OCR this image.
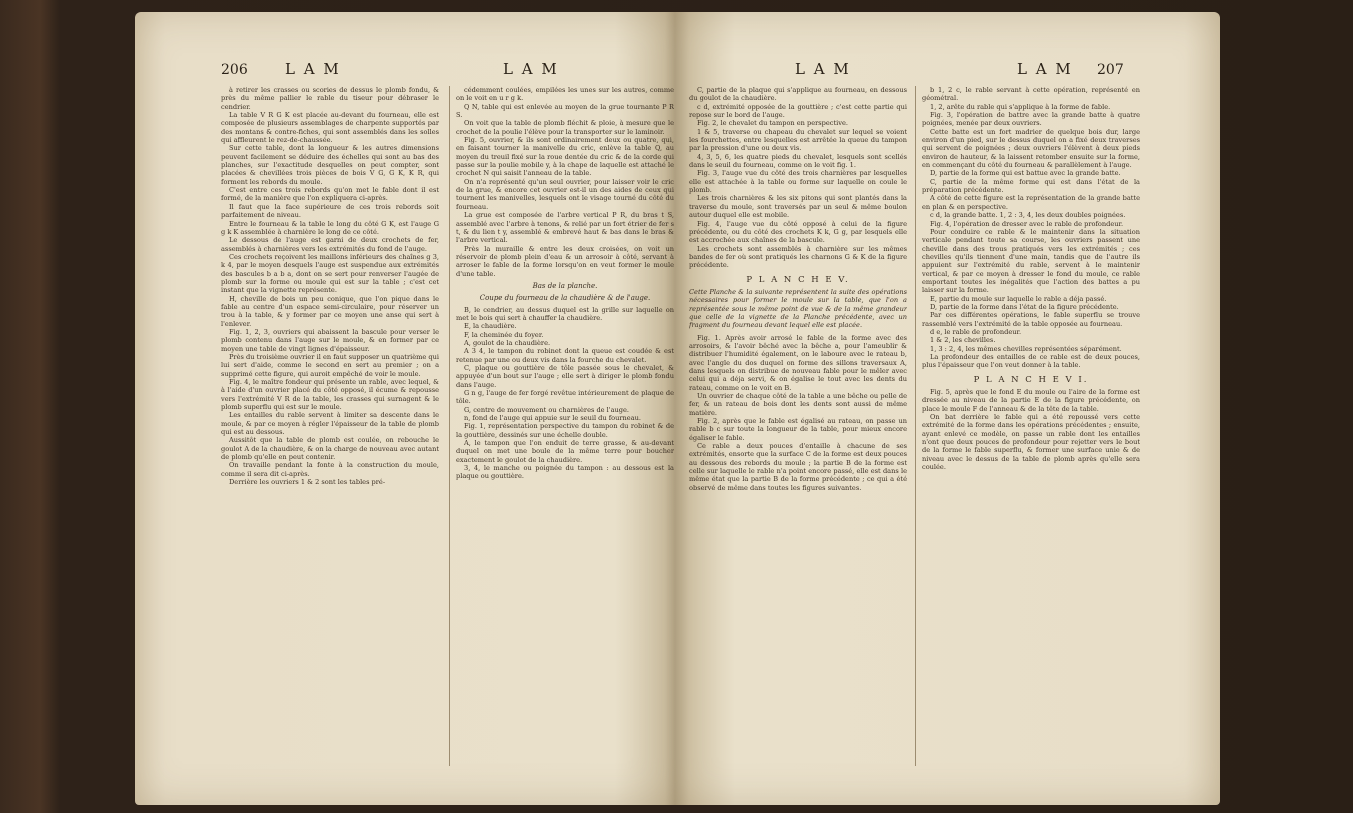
206 L A M	L A M

à retirer les crasses ou scories de dessus le plomb fondu, & près du même pallier le rable du tiseur pour débraser le cendrier.

La table V R G K est placée au-devant du fourneau, elle est composée de plusieurs assemblages de charpente supportés par des montans & contre-fiches, qui sont assemblés dans les solles qui affleurent le rez-de-chaussée.

Sur cette table, dont la longueur & les autres dimensions peuvent facilement se déduire des échelles qui sont au bas des planches, sur l'exactitude desquelles on peut compter, sont placées & chevillées trois pièces de bois V G, G K, K R, qui forment les rebords du moule.

C'est entre ces trois rebords qu'on met le fable dont il est formé, de la manière que l'on expliquera ci-après.

Il faut que la face supérieure de ces trois rebords soit parfaitement de niveau.

Entre le fourneau & la table le long du côté G K, est l'auge G g k K assemblée à charnière le long de ce côté.

Le dessous de l'auge est garni de deux crochets de fer, assemblés à charnières vers les extrémités du fond de l'auge.

Ces crochets reçoivent les maillons inférieurs des chaînes g 3, k 4, par le moyen desquels l'auge est suspendue aux extrémités des bascules b a b a, dont on se sert pour renverser l'augée de plomb sur la forme ou moule qui est sur la table ; c'est cet instant que la vignette représente.

H, cheville de bois un peu conique, que l'on pique dans le fable au centre d'un espace semi-circulaire, pour réserver un trou à la table, & y former par ce moyen une anse qui sert à l'enlever.

Fig. 1, 2, 3, ouvriers qui abaissent la bascule pour verser le plomb contenu dans l'auge sur le moule, & en former par ce moyen une table de vingt lignes d'épaisseur.

Près du troisième ouvrier il en faut supposer un quatrième qui lui sert d'aide, comme le second en sert au premier ; on a supprimé cette figure, qui auroit empêché de voir le moule.

Fig. 4, le maître fondeur qui présente un rable, avec lequel, & à l'aide d'un ouvrier placé du côté opposé, il écume & repousse vers l'extrémité V R de la table, les crasses qui surnagent & le plomb superflu qui est sur le moule.

Les entailles du rable servent à limiter sa descente dans le moule, & par ce moyen à régler l'épaisseur de la table de plomb qui est au dessous.

Aussitôt que la table de plomb est coulée, on rebouche le goulot A de la chaudière, & on la charge de nouveau avec autant de plomb qu'elle en peut contenir.

On travaille pendant la fonte à la construction du moule, comme il sera dit ci-après.

Derrière les ouvriers 1 & 2 sont les tables pré-

cédemment coulées, empilées les unes sur les autres, comme on le voit en u r g k.

Q N, table qui est enlevée au moyen de la grue tournante P R S.

On voit que la table de plomb fléchit & ploie, à mesure que le crochet de la poulie l'élève pour la transporter sur le laminoir.

Fig. 5, ouvrier, & ils sont ordinairement deux ou quatre, qui, en faisant tourner la manivelle du cric, enlève la table Q, au moyen du treuil fixé sur la roue dentée du cric & de la corde qui passe sur la poulie mobile y, à la chape de laquelle est attaché le crochet N qui saisit l'anneau de la table.

On n'a représenté qu'un seul ouvrier, pour laisser voir le cric de la grue, & encore cet ouvrier est-il un des aides de ceux qui tournent les manivelles, lesquels ont le visage tourné du côté du fourneau.

La grue est composée de l'arbre vertical P R, du bras t S, assemblé avec l'arbre à tenons, & relié par un fort étrier de fer s t, & du lien t y, assemblé & embrevé haut & bas dans le bras & l'arbre vertical.

Près la muraille & entre les deux croisées, on voit un réservoir de plomb plein d'eau & un arrosoir à côté, servant à arroser le fable de la forme lorsqu'on en veut former le moule d'une table.

Bas de la planche.

Coupe du fourneau de la chaudière & de l'auge.

B, le cendrier, au dessus duquel est la grille sur laquelle on met le bois qui sert à chauffer la chaudière.

E, la chaudière.

F, la cheminée du foyer.

A, goulot de la chaudière.

A 3 4, le tampon du robinet dont la queue est coudée & est retenue par une ou deux vis dans la fourche du chevalet.

C, plaque ou gouttière de tôle passée sous le chevalet, & appuyée d'un bout sur l'auge ; elle sert à diriger le plomb fondu dans l'auge.

G n g, l'auge de fer forgé revêtue intérieurement de plaque de tôle.

G, centre de mouvement ou charnières de l'auge.

n, fond de l'auge qui appuie sur le seuil du fourneau.

Fig. 1, représentation perspective du tampon du robinet & de la gouttière, dessinés sur une échelle double.

A, le tampon que l'on enduit de terre grasse, & au-devant duquel on met une boule de la même terre pour boucher exactement le goulot de la chaudière.

3, 4, le manche ou poignée du tampon : au dessous est la plaque ou gouttière.

L A M	L A M 207

C, partie de la plaque qui s'applique au fourneau, en dessous du goulot de la chaudière.

c d, extrémité opposée de la gouttière ; c'est cette partie qui repose sur le bord de l'auge.

Fig. 2, le chevalet du tampon en perspective.

1 & 5, traverse ou chapeau du chevalet sur lequel se voient les fourchettes, entre lesquelles est arrêtée la queue du tampon par la pression d'une ou deux vis.

4, 3, 5, 6, les quatre pieds du chevalet, lesquels sont scellés dans le seuil du fourneau, comme on le voit fig. 1.

Fig. 3, l'auge vue du côté des trois charnières par lesquelles elle est attachée à la table ou forme sur laquelle on coule le plomb.

Les trois charnières & les six pitons qui sont plantés dans la traverse du moule, sont traversés par un seul & même boulon autour duquel elle est mobile.

Fig. 4, l'auge vue du côté opposé à celui de la figure précédente, ou du côté des crochets K k, G g, par lesquels elle est accrochée aux chaînes de la bascule.

Les crochets sont assemblés à charnière sur les mêmes bandes de fer où sont pratiqués les charnons G & K de la figure précédente.

P L A N C H E V.

Cette Planche & la suivante représentent la suite des opérations nécessaires pour former le moule sur la table, que l'on a représentée sous le même point de vue & de la même grandeur que celle de la vignette de la Planche précédente, avec un fragment du fourneau devant lequel elle est placée.

Fig. 1. Après avoir arrosé le fable de la forme avec des arrosoirs, & l'avoir bêché avec la bêche a, pour l'ameublir & distribuer l'humidité également, on le laboure avec le rateau b, avec l'angle du dos duquel on forme des sillons traversaux A, dans lesquels on distribue de nouveau fable pour le mêler avec celui qui a déja servi, & on égalise le tout avec les dents du rateau, comme on le voit en B.

Un ouvrier de chaque côté de la table a une bêche ou pelle de fer, & un rateau de bois dont les dents sont aussi de même matière.

Fig. 2, après que le fable est égalisé au rateau, on passe un rable b c sur toute la longueur de la table, pour mieux encore égaliser le fable.

Ce rable a deux pouces d'entaille à chacune de ses extrémités, ensorte que la surface C de la forme est deux pouces au dessous des rebords du moule ; la partie B de la forme est celle sur laquelle le rable n'a point encore passé, elle est dans le même état que la partie B de la forme précédente ; ce qui a été observé de même dans toutes les figures suivantes.

b 1, 2 c, le rable servant à cette opération, représenté en géométral.

1, 2, arête du rable qui s'applique à la forme de fable.

Fig. 3, l'opération de battre avec la grande batte à quatre poignées, menée par deux ouvriers.

Cette batte est un fort madrier de quelque bois dur, large environ d'un pied, sur le dessus duquel on a fixé deux traverses qui servent de poignées ; deux ouvriers l'élèvent à deux pieds environ de hauteur, & la laissent retomber ensuite sur la forme, en commençant du côté du fourneau & parallèlement à l'auge.

D, partie de la forme qui est battue avec la grande batte.

C, partie de la même forme qui est dans l'état de la préparation précédente.

A côté de cette figure est la représentation de la grande batte en plan & en perspective.

c d, la grande batte. 1, 2 : 3, 4, les deux doubles poignées.

Fig. 4, l'opération de dresser avec le rable de profondeur.

Pour conduire ce rable & le maintenir dans la situation verticale pendant toute sa course, les ouvriers passent une cheville dans des trous pratiqués vers les extrémités ; ces chevilles qu'ils tiennent d'une main, tandis que de l'autre ils appuient sur l'extrémité du rable, servent à le maintenir vertical, & par ce moyen à dresser le fond du moule, ce rable emportant toutes les inégalités que l'action des battes a pu laisser sur la forme.

E, partie du moule sur laquelle le rable a déja passé.

D, partie de la forme dans l'état de la figure précédente.

Par ces différentes opérations, le fable superflu se trouve rassemblé vers l'extrémité de la table opposée au fourneau.

d e, le rable de profondeur.

1 & 2, les chevilles.

1, 3 : 2, 4, les mêmes chevilles représentées séparément.

La profondeur des entailles de ce rable est de deux pouces, plus l'épaisseur que l'on veut donner à la table.

P L A N C H E V I.

Fig. 5, après que le fond E du moule ou l'aire de la forme est dressée au niveau de la partie E de la figure précédente, on place le moule F de l'anneau & de la tête de la table.

On bat derrière le fable qui a été repoussé vers cette extrémité de la forme dans les opérations précédentes ; ensuite, ayant enlevé ce modèle, on passe un rable dont les entailles n'ont que deux pouces de profondeur pour rejetter vers le bout de la forme le fable superflu, & former une surface unie & de niveau avec le dessus de la table de plomb après qu'elle sera coulée.
